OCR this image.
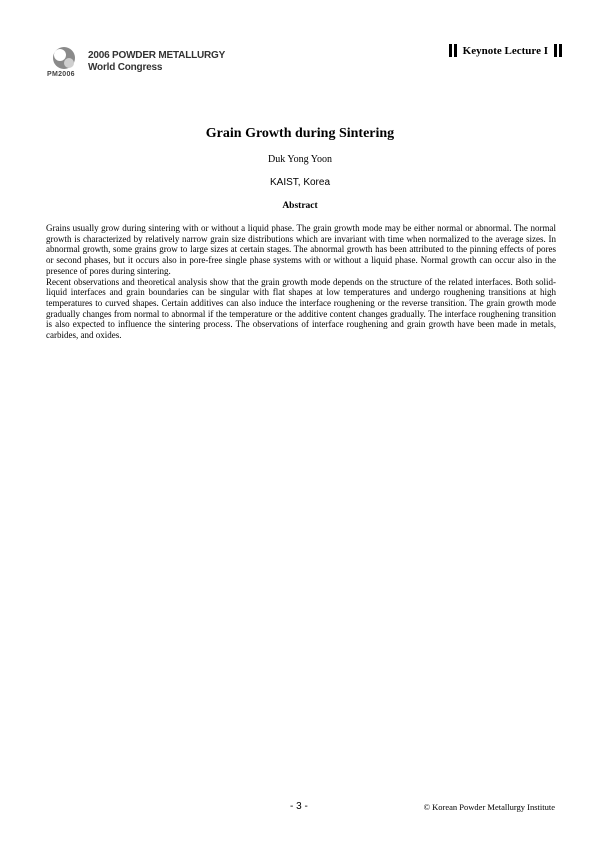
PM2006
2006 POWDER METALLURGY
World Congress
Keynote Lecture I
Grain Growth during Sintering
Duk Yong Yoon
KAIST, Korea
Abstract

Grains usually grow during sintering with or without a liquid phase. The grain growth mode may be either normal or abnormal. The normal growth is characterized by relatively narrow grain size distributions which are invariant with time when normalized to the average sizes. In abnormal growth, some grains grow to large sizes at certain stages. The abnormal growth has been attributed to the pinning effects of pores or second phases, but it occurs also in pore-free single phase systems with or without a liquid phase. Normal growth can occur also in the presence of pores during sintering.

Recent observations and theoretical analysis show that the grain growth mode depends on the structure of the related interfaces. Both solid-liquid interfaces and grain boundaries can be singular with flat shapes at low temperatures and undergo roughening transitions at high temperatures to curved shapes. Certain additives can also induce the interface roughening or the reverse transition. The grain growth mode gradually changes from normal to abnormal if the temperature or the additive content changes gradually. The interface roughening transition is also expected to influence the sintering process. The observations of interface roughening and grain growth have been made in metals, carbides, and oxides.

- 3 -	© Korean Powder Metallurgy Institute
